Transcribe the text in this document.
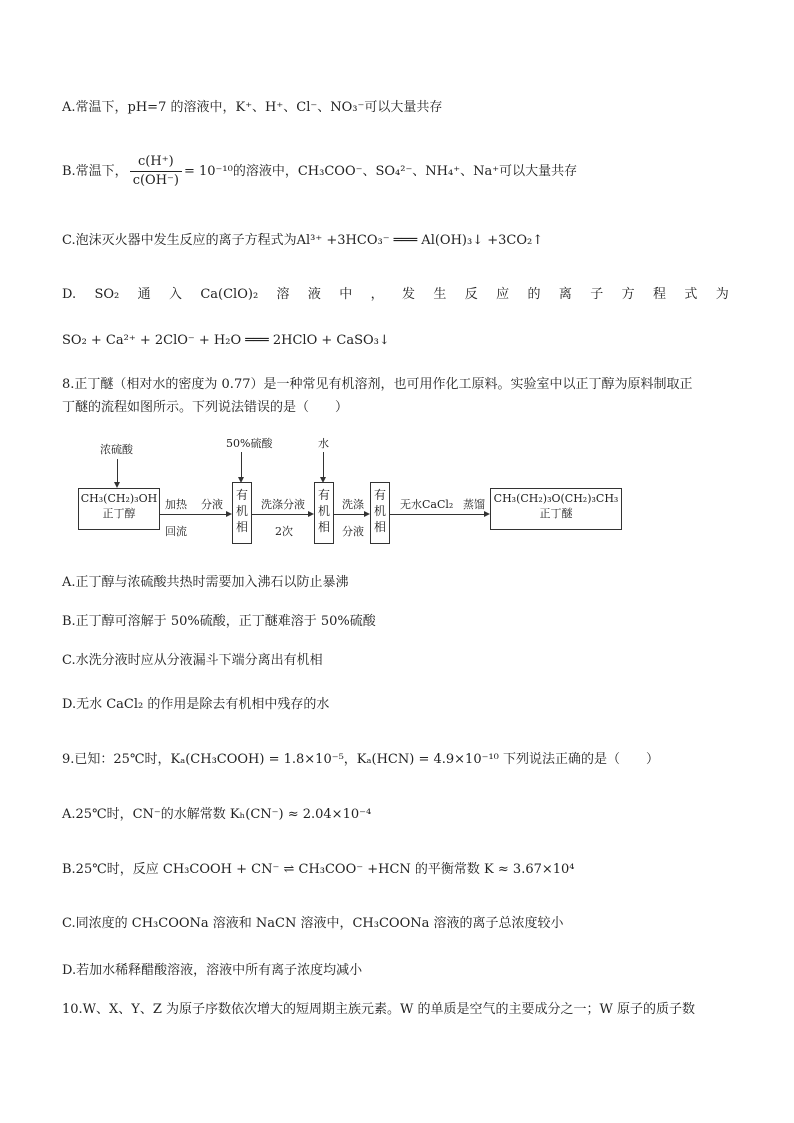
A.常温下，pH=7 的溶液中，K⁺、H⁺、Cl⁻、NO₃⁻可以大量共存
B.常温下， $\frac{c(H^+)}{c(OH^-)} = 10^{-10}$的溶液中，CH₃COO⁻、SO₄²⁻、NH₄⁺、Na⁺可以大量共存
C.泡沫灭火器中发生反应的离子方程式为Al³⁺ +3HCO₃⁻ ═══ Al(OH)₃↓ +3CO₂↑
D. SO₂ 通 入 Ca(ClO)₂ 溶 液 中 ， 发 生 反 应 的 离 子 方 程 式 为
SO₂ + Ca²⁺ + 2ClO⁻ + H₂O ═══ 2HClO + CaSO₃↓
8.正丁醚（相对水的密度为 0.77）是一种常见有机溶剂，也可用作化工原料。实验室中以正丁醇为原料制取正
丁醚的流程如图所示。下列说法错误的是（　　）
浓硫酸	50%硫酸	水
CH₃(CH₂)₃OH
正丁醇
加热
回流
分液
有机相
洗涤分液
2次
有机相
洗涤
分液
有机相
无水CaCl₂ 蒸馏 CH₃(CH₂)₃O(CH₂)₃CH₃
正丁醚
A.正丁醇与浓硫酸共热时需要加入沸石以防止暴沸
B.正丁醇可溶解于 50%硫酸，正丁醚难溶于 50%硫酸
C.水洗分液时应从分液漏斗下端分离出有机相
D.无水 CaCl₂ 的作用是除去有机相中残存的水
9.已知：25℃时，Kₐ(CH₃COOH) = 1.8×10⁻⁵，Kₐ(HCN) = 4.9×10⁻¹⁰ 下列说法正确的是（　　）
A.25℃时，CN⁻的水解常数 Kₕ(CN⁻) ≈ 2.04×10⁻⁴
B.25℃时，反应 CH₃COOH + CN⁻ ⇌ CH₃COO⁻ +HCN 的平衡常数 K ≈ 3.67×10⁴
C.同浓度的 CH₃COONa 溶液和 NaCN 溶液中，CH₃COONa 溶液的离子总浓度较小
D.若加水稀释醋酸溶液，溶液中所有离子浓度均减小
10.W、X、Y、Z 为原子序数依次增大的短周期主族元素。W 的单质是空气的主要成分之一；W 原子的质子数
